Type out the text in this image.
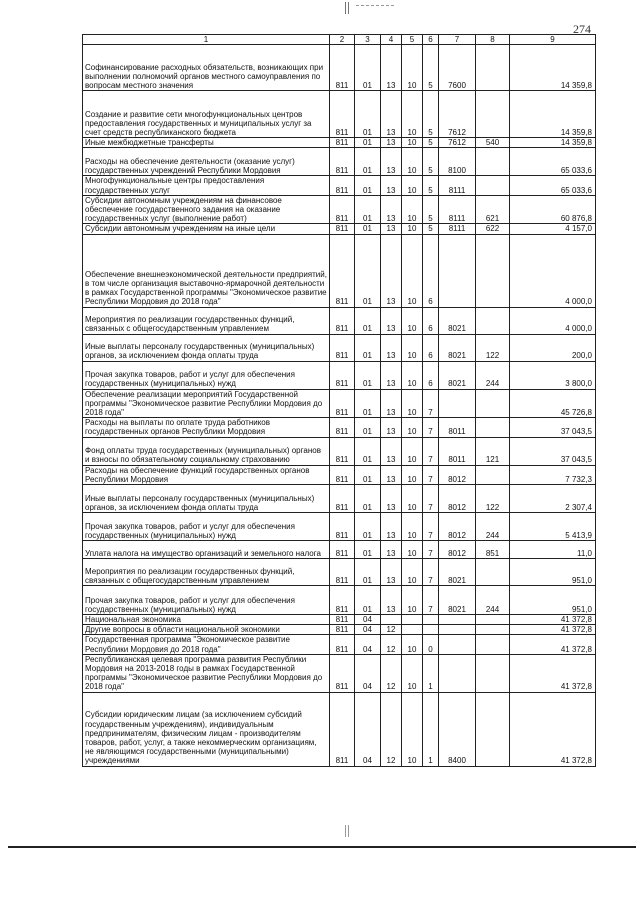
274
1	2	3	4	5	6	7	8	9
Софинансирование расходных обязательств, возникающих при выполнении полномочий органов местного самоуправления по вопросам местного значения	811	01	13	10	5	7600		14 359,8
Создание и развитие сети многофункциональных центров предоставления государственных и муниципальных услуг за счет средств республиканского бюджета	811	01	13	10	5	7612		14 359,8
Иные межбюджетные трансферты	811	01	13	10	5	7612	540	14 359,8
Расходы на обеспечение деятельности (оказание услуг) государственных учреждений Республики Мордовия	811	01	13	10	5	8100		65 033,6
Многофункциональные центры предоставления государственных услуг	811	01	13	10	5	8111		65 033,6
Субсидии автономным учреждениям на финансовое обеспечение государственного задания на оказание государственных услуг (выполнение работ)	811	01	13	10	5	8111	621	60 876,8
Субсидии автономным учреждениям на иные цели	811	01	13	10	5	8111	622	4 157,0
Обеспечение внешнеэкономической деятельности предприятий, в том числе организация выставочно-ярмарочной деятельности в рамках Государственной программы "Экономическое развитие Республики Мордовия до 2018 года"	811	01	13	10	6			4 000,0
Мероприятия по реализации государственных функций, связанных с общегосударственным управлением	811	01	13	10	6	8021		4 000,0
Иные выплаты персоналу государственных (муниципальных) органов, за исключением фонда оплаты труда	811	01	13	10	6	8021	122	200,0
Прочая закупка товаров, работ и услуг для обеспечения государственных (муниципальных) нужд	811	01	13	10	6	8021	244	3 800,0
Обеспечение реализации мероприятий Государственной программы "Экономическое развитие Республики Мордовия до 2018 года"	811	01	13	10	7			45 726,8
Расходы на выплаты по оплате труда работников государственных органов Республики Мордовия	811	01	13	10	7	8011		37 043,5
Фонд оплаты труда государственных (муниципальных) органов и взносы по обязательному социальному страхованию	811	01	13	10	7	8011	121	37 043,5
Расходы на обеспечение функций государственных органов Республики Мордовия	811	01	13	10	7	8012		7 732,3
Иные выплаты персоналу государственных (муниципальных) органов, за исключением фонда оплаты труда	811	01	13	10	7	8012	122	2 307,4
Прочая закупка товаров, работ и услуг для обеспечения государственных (муниципальных) нужд	811	01	13	10	7	8012	244	5 413,9
Уплата налога на имущество организаций и земельного налога	811	01	13	10	7	8012	851	11,0
Мероприятия по реализации государственных функций, связанных с общегосударственным управлением	811	01	13	10	7	8021		951,0
Прочая закупка товаров, работ и услуг для обеспечения государственных (муниципальных) нужд	811	01	13	10	7	8021	244	951,0
Национальная экономика	811	04						41 372,8
Другие вопросы в области национальной экономики	811	04	12					41 372,8
Государственная программа "Экономическое развитие Республики Мордовия до 2018 года"	811	04	12	10	0			41 372,8
Республиканская целевая программа развития Республики Мордовия на 2013-2018 годы в рамках Государственной программы "Экономическое развитие Республики Мордовия до 2018 года"	811	04	12	10	1			41 372,8
Субсидии юридическим лицам (за исключением субсидий государственным учреждениям), индивидуальным предпринимателям, физическим лицам - производителям товаров, работ, услуг, а также некоммерческим организациям, не являющимся государственными (муниципальными) учреждениями	811	04	12	10	1	8400		41 372,8
